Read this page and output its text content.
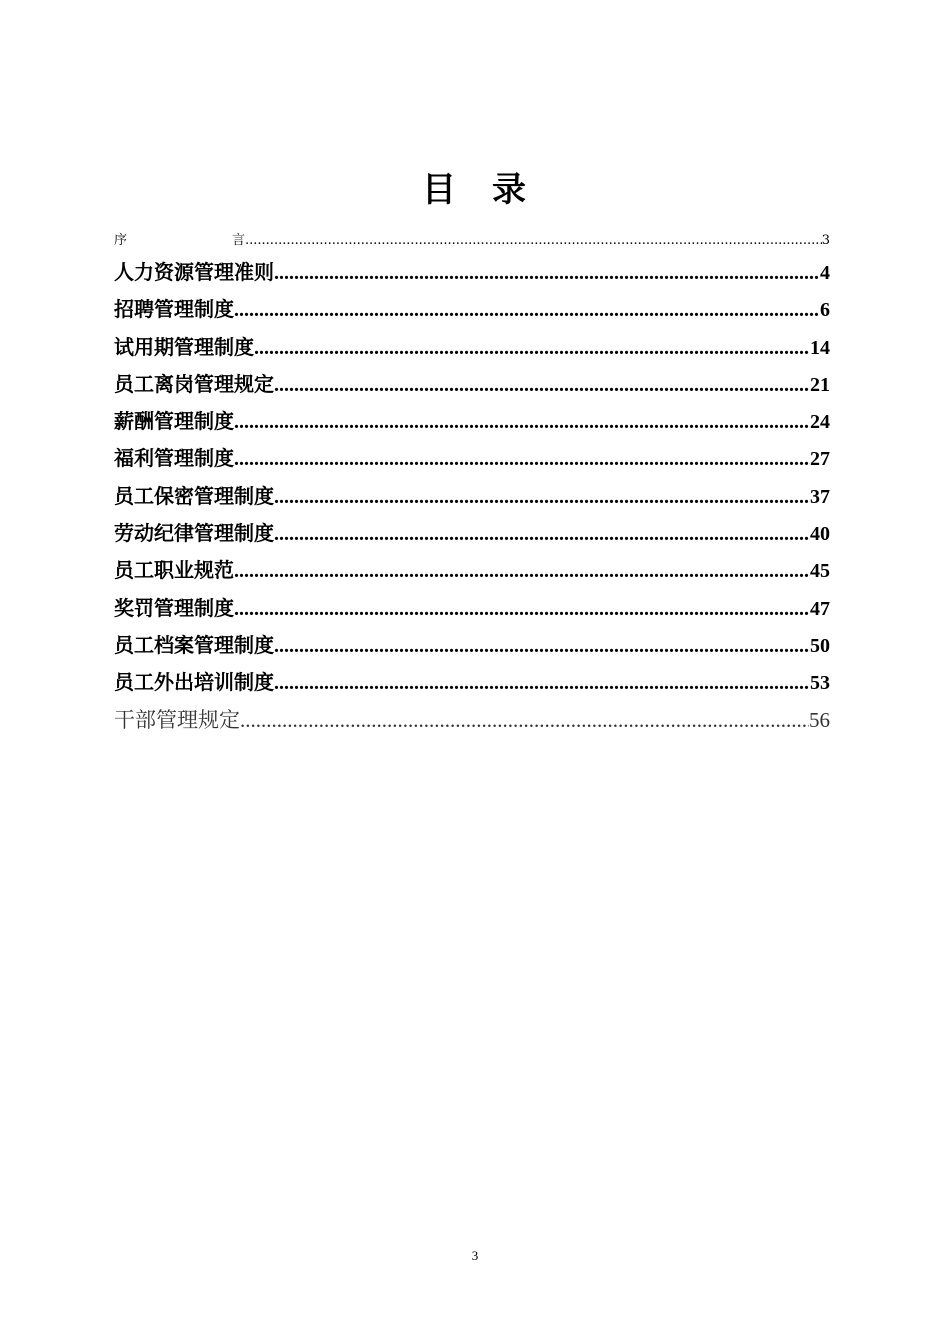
目 录
序	言 .....	3
人力资源管理准则 .....	4
招聘管理制度 .....	6
试用期管理制度 .....	14
员工离岗管理规定 .....	21
薪酬管理制度 .....	24
福利管理制度 .....	27
员工保密管理制度 .....	37
劳动纪律管理制度 .....	40
员工职业规范 .....	45
奖罚管理制度 .....	47
员工档案管理制度 .....	50
员工外出培训制度 .....	53
干部管理规定 .....	56
3
